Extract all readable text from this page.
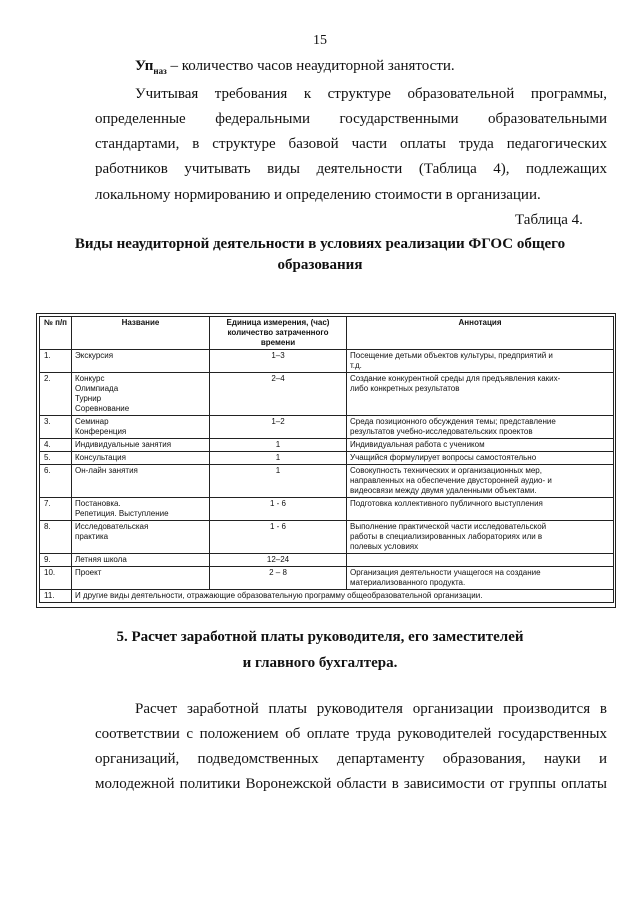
15
$Уп_{наз}$ – количество часов неаудиторной занятости.
Учитывая требования к структуре образовательной программы,
определенные федеральными государственными образовательными
стандартами, в структуре базовой части оплаты труда педагогических
работников учитывать виды деятельности (Таблица 4), подлежащих
локальному нормированию и определению стоимости в организации.
Таблица 4.
Виды неаудиторной деятельности в условиях реализации ФГОС общего
образования
№ п/п	Название	Единица измерения, (час) количество затраченного времени	Аннотация
1.	Экскурсия	1–3	Посещение детьми объектов культуры, предприятий и
т.д.

2.	Конкурс
Олимпиада
Турнир
Соревнование	2–4	Создание конкурентной среды для предъявления каких-
либо конкретных результатов

3.	Семинар
Конференция	1–2	Среда позиционного обсуждения темы; представление
результатов учебно-исследовательских проектов

4.	Индивидуальные занятия	1	Индивидуальная работа с учеником

5.	Консультация	1	Учащийся формулирует вопросы самостоятельно

6.	Он-лайн занятия	1	Совокупность технических и организационных мер,
направленных на обеспечение двусторонней аудио- и
видеосвязи между двумя удаленными объектами.

7.	Постановка.
Репетиция. Выступление	1 - 6	Подготовка коллективного публичного выступления

8.	Исследовательская
практика	1 - 6	Выполнение практической части исследовательской
работы в специализированных лабораториях или в
полевых условиях

9.	Летняя школа	12–24	

10.	Проект	2 – 8	Организация деятельности учащегося на создание
материализованного продукта.

11.	И другие виды деятельности, отражающие образовательную программу общеобразовательной организации.		
5. Расчет заработной платы руководителя, его заместителей
и главного бухгалтера.
Расчет заработной платы руководителя организации производится в
соответствии с положением об оплате труда руководителей государственных
организаций, подведомственных департаменту образования, науки и
молодежной политики Воронежской области в зависимости от группы оплаты
